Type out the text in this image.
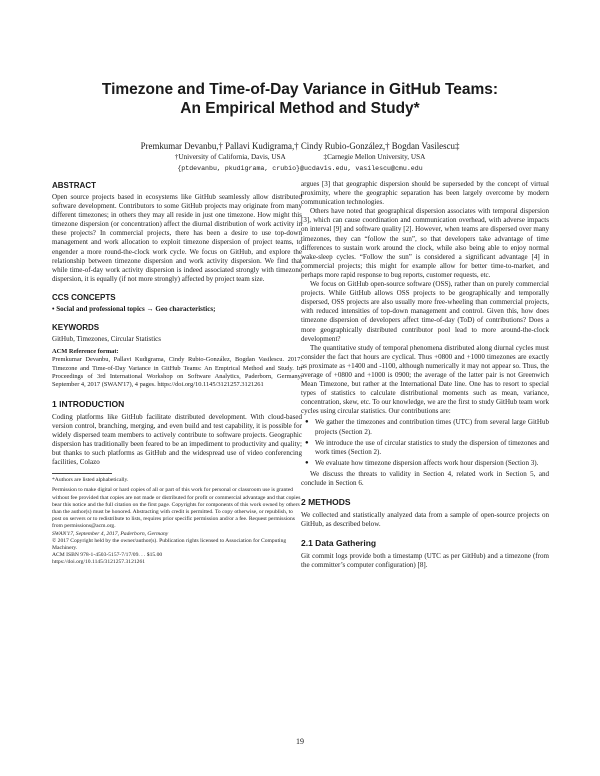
Timezone and Time-of-Day Variance in GitHub Teams:
An Empirical Method and Study*
Premkumar Devanbu,† Pallavi Kudigrama,† Cindy Rubio-González,† Bogdan Vasilescu‡
†University of California, Davis, USA	‡Carnegie Mellon University, USA
{ptdevanbu, pkudigrama, crubio}@ucdavis.edu, vasilescu@cmu.edu
ABSTRACT

Open source projects based in ecosystems like GitHub seamlessly allow distributed software development. Contributors to some GitHub projects may originate from many different timezones; in others they may all reside in just one timezone. How might this timezone dispersion (or concentration) affect the diurnal distribution of work activity in these projects? In commercial projects, there has been a desire to use top-down management and work allocation to exploit timezone dispersion of project teams, to engender a more round-the-clock work cycle. We focus on GitHub, and explore the relationship between timezone dispersion and work activity dispersion. We find that while time-of-day work activity dispersion is indeed associated strongly with timezone dispersion, it is equally (if not more strongly) affected by project team size.

CCS CONCEPTS

• Social and professional topics → Geo characteristics;

KEYWORDS

GitHub, Timezones, Circular Statistics

ACM Reference format:

Premkumar Devanbu, Pallavi Kudigrama, Cindy Rubio-González, Bogdan Vasilescu. 2017. Timezone and Time-of-Day Variance in GitHub Teams: An Empirical Method and Study. In Proceedings of 3rd International Workshop on Software Analytics, Paderborn, Germany, September 4, 2017 (SWAN'17), 4 pages. https://doi.org/10.1145/3121257.3121261

1 INTRODUCTION

Coding platforms like GitHub facilitate distributed development. With cloud-based version control, branching, merging, and even build and test capability, it is possible for widely dispersed team members to actively contribute to software projects. Geographic dispersion has traditionally been feared to be an impediment to productivity and quality; but thanks to such platforms as GitHub and the widespread use of video conferencing facilities, Colazo

*Authors are listed alphabetically.

Permission to make digital or hard copies of all or part of this work for personal or classroom use is granted without fee provided that copies are not made or distributed for profit or commercial advantage and that copies bear this notice and the full citation on the first page. Copyrights for components of this work owned by others than the author(s) must be honored. Abstracting with credit is permitted. To copy otherwise, or republish, to post on servers or to redistribute to lists, requires prior specific permission and/or a fee. Request permissions from permissions@acm.org.

SWAN'17, September 4, 2017, Paderborn, Germany

© 2017 Copyright held by the owner/author(s). Publication rights licensed to Association for Computing Machinery.

ACM ISBN 978-1-4503-5157-7/17/09. . . $15.00

https://doi.org/10.1145/3121257.3121261

argues [3] that geographic dispersion should be superseded by the concept of virtual proximity, where the geographic separation has been largely overcome by modern communication technologies.

Others have noted that geographical dispersion associates with temporal dispersion [3], which can cause coordination and communication overhead, with adverse impacts on interval [9] and software quality [2]. However, when teams are dispersed over many timezones, they can “follow the sun”, so that developers take advantage of time differences to sustain work around the clock, while also being able to enjoy normal wake-sleep cycles. “Follow the sun” is considered a significant advantage [4] in commercial projects; this might for example allow for better time-to-market, and perhaps more rapid response to bug reports, customer requests, etc.

We focus on GitHub open-source software (OSS), rather than on purely commercial projects. While GitHub allows OSS projects to be geographically and temporally dispersed, OSS projects are also usually more free-wheeling than commercial projects, with reduced intensities of top-down management and control. Given this, how does timezone dispersion of developers affect time-of-day (ToD) of contributions? Does a more geographically distributed contributor pool lead to more around-the-clock development?

The quantitative study of temporal phenomena distributed along diurnal cycles must consider the fact that hours are cyclical. Thus +0800 and +1000 timezones are exactly as proximate as +1400 and -1100, although numerically it may not appear so. Thus, the average of +0800 and +1000 is 0900; the average of the latter pair is not Greenwich Mean Timezone, but rather at the International Date line. One has to resort to special types of statistics to calculate distributional moments such as mean, variance, concentration, skew, etc. To our knowledge, we are the first to study GitHub team work cycles using circular statistics. Our contributions are:

● We gather the timezones and contribution times (UTC) from several large GitHub projects (Section 2).
● We introduce the use of circular statistics to study the dispersion of timezones and work times (Section 2).
● We evaluate how timezone dispersion affects work hour dispersion (Section 3).

We discuss the threats to validity in Section 4, related work in Section 5, and conclude in Section 6.

2 METHODS

We collected and statistically analyzed data from a sample of open-source projects on GitHub, as described below.

2.1 Data Gathering

Git commit logs provide both a timestamp (UTC as per GitHub) and a timezone (from the committer’s computer configuration) [8].

19
